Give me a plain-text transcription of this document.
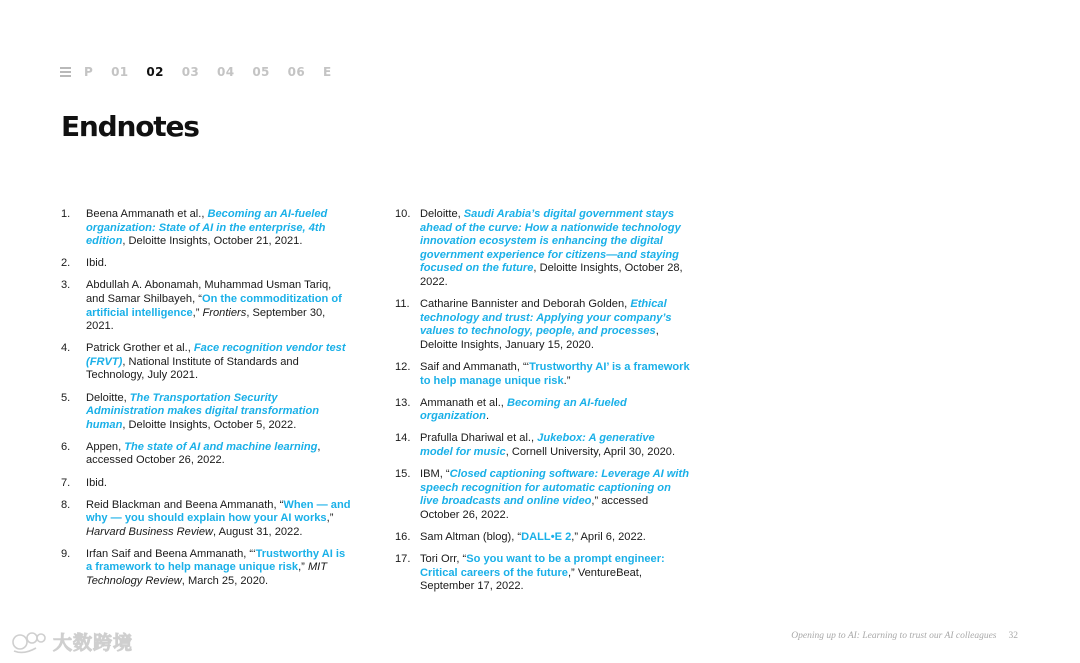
P 01 02 03 04 05 06 E
Endnotes
1.	Beena Ammanath et al., Becoming an AI-fueled organization: State of AI in the enterprise, 4th edition, Deloitte Insights, October 21, 2021.
2.	Ibid.
3.	Abdullah A. Abonamah, Muhammad Usman Tariq, and Samar Shilbayeh, “On the commoditization of artificial intelligence,” Frontiers, September 30, 2021.
4.	Patrick Grother et al., Face recognition vendor test (FRVT), National Institute of Standards and Technology, July 2021.
5.	Deloitte, The Transportation Security Administration makes digital transformation human, Deloitte Insights, October 5, 2022.
6.	Appen, The state of AI and machine learning, accessed October 26, 2022.
7.	Ibid.
8.	Reid Blackman and Beena Ammanath, “When — and why — you should explain how your AI works,” Harvard Business Review, August 31, 2022.
9.	Irfan Saif and Beena Ammanath, “‘Trustworthy AI is a framework to help manage unique risk,” MIT Technology Review, March 25, 2020.
10. Deloitte, Saudi Arabia’s digital government stays ahead of the curve: How a nationwide technology innovation ecosystem is enhancing the digital government experience for citizens—and staying focused on the future, Deloitte Insights, October 28, 2022.
11. Catharine Bannister and Deborah Golden, Ethical technology and trust: Applying your company’s values to technology, people, and processes, Deloitte Insights, January 15, 2020.
12. Saif and Ammanath, “‘Trustworthy AI’ is a framework to help manage unique risk.”
13. Ammanath et al., Becoming an AI-fueled organization.
14. Prafulla Dhariwal et al., Jukebox: A generative model for music, Cornell University, April 30, 2020.
15. IBM, “Closed captioning software: Leverage AI with speech recognition for automatic captioning on live broadcasts and online video,” accessed October 26, 2022.
16. Sam Altman (blog), “DALL•E 2,” April 6, 2022.
17. Tori Orr, “So you want to be a prompt engineer: Critical careers of the future,” VentureBeat, September 17, 2022.
Opening up to AI: Learning to trust our AI colleagues 32
大数跨境
